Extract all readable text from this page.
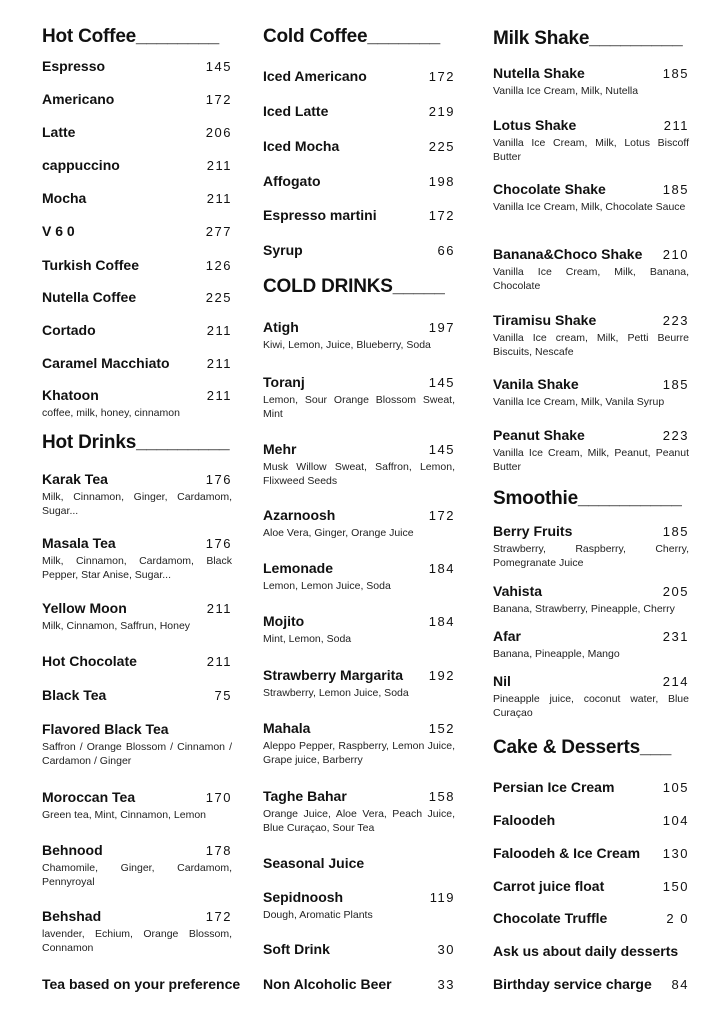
Hot Coffee________
Espresso	145
Americano	172
Latte	206
cappuccino	211
Mocha	211
V 6 0	277
Turkish Coffee	126
Nutella Coffee	225
Cortado	211
Caramel Macchiato	211
Khatoon	211
coffee, milk, honey, cinnamon
Hot Drinks_________
Karak Tea	176
Milk, Cinnamon, Ginger, Cardamom, Sugar...
Masala Tea	176
Milk, Cinnamon, Cardamom, Black Pepper, Star Anise, Sugar...
Yellow Moon	211
Milk, Cinnamon, Saffrun, Honey
Hot Chocolate	211
Black Tea	75
Flavored Black Tea
Saffron / Orange Blossom / Cinnamon / Cardamon / Ginger
Moroccan Tea	170
Green tea, Mint, Cinnamon, Lemon
Behnood	178
Chamomile, Ginger, Cardamom, Pennyroyal
Behshad	172
lavender, Echium, Orange Blossom, Connamon
Tea based on your preference
Cold Coffee_______
Iced Americano	172
Iced Latte	219
Iced Mocha	225
Affogato	198
Espresso martini	172
Syrup	66
COLD DRINKS_____
Atigh	197
Kiwi, Lemon, Juice, Blueberry, Soda
Toranj	145
Lemon, Sour Orange Blossom Sweat, Mint
Mehr	145
Musk Willow Sweat, Saffron, Lemon, Flixweed Seeds
Azarnoosh	172
Aloe Vera, Ginger, Orange Juice
Lemonade	184
Lemon, Lemon Juice, Soda
Mojito	184
Mint, Lemon, Soda
Strawberry Margarita 192
Strawberry, Lemon Juice, Soda
Mahala	152
Aleppo Pepper, Raspberry, Lemon Juice, Grape juice, Barberry
Taghe Bahar	158
Orange Juice, Aloe Vera, Peach Juice, Blue Curaçao, Sour Tea
Seasonal Juice
Sepidnoosh	119
Dough, Aromatic Plants
Soft Drink	30
Non Alcoholic Beer	33
Milk Shake_________
Nutella Shake	185
Vanilla Ice Cream, Milk, Nutella
Lotus Shake	211
Vanilla Ice Cream, Milk, Lotus Biscoff Butter
Chocolate Shake	185
Vanilla Ice Cream, Milk, Chocolate Sauce
Banana&Choco Shake 210
Vanilla Ice Cream, Milk, Banana, Chocolate
Tiramisu Shake	223
Vanilla Ice cream, Milk, Petti Beurre Biscuits, Nescafe
Vanila Shake	185
Vanilla Ice Cream, Milk, Vanila Syrup
Peanut Shake	223
Vanilla Ice Cream, Milk, Peanut, Peanut Butter
Smoothie__________
Berry Fruits	185
Strawberry, Raspberry, Cherry, Pomegranate Juice
Vahista	205
Banana, Strawberry, Pineapple, Cherry
Afar	231
Banana, Pineapple, Mango
Nil	214
Pineapple juice, coconut water, Blue Curaçao
Cake & Desserts___
Persian Ice Cream	105
Faloodeh	104
Faloodeh & Ice Cream 130
Carrot juice float	150
Chocolate Truffle	2 0
Ask us about daily desserts
Birthday service charge 84
